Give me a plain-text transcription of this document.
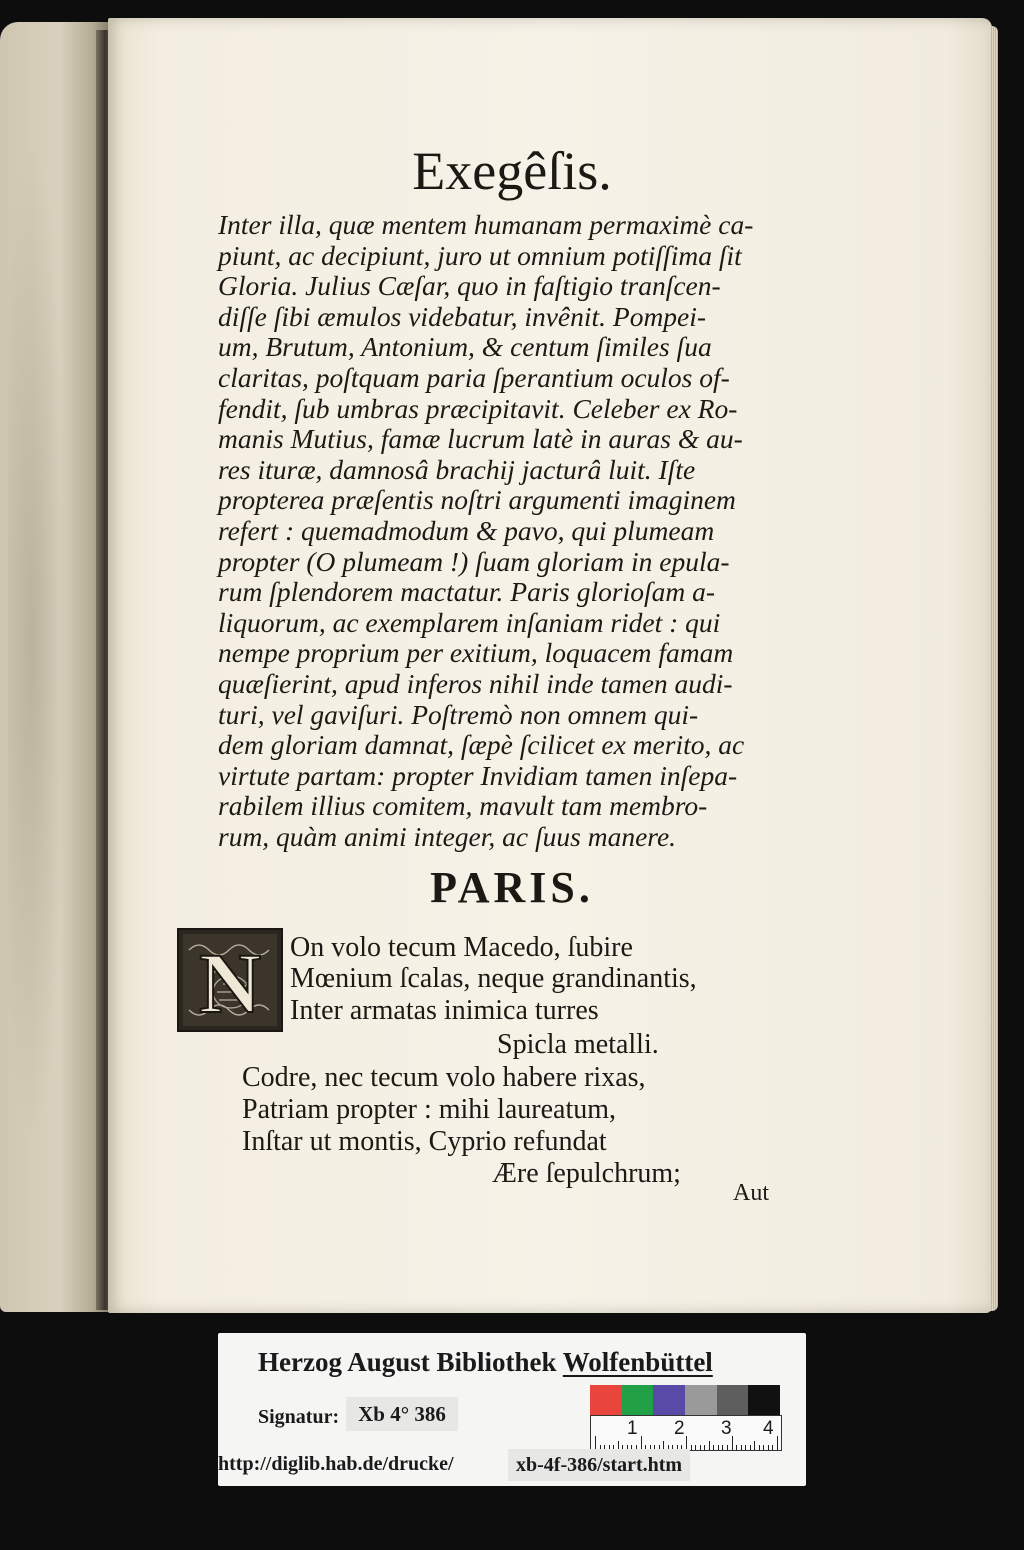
Exegêſis.
Inter illa, quæ mentem humanam permaximè ca-
piunt, ac decipiunt, juro ut omnium potiſſima ſit
Gloria. Julius Cæſar, quo in faſtigio tranſcen-
diſſe ſibi æmulos videbatur, invênit. Pompei-
um, Brutum, Antonium, & centum ſimiles ſua
claritas, poſtquam paria ſperantium oculos of-
fendit, ſub umbras præcipitavit. Celeber ex Ro-
manis Mutius, famæ lucrum latè in auras & au-
res ituræ, damnosâ brachij jacturâ luit. Iſte
propterea præſentis noſtri argumenti imaginem
refert : quemadmodum & pavo, qui plumeam
propter (O plumeam !) ſuam gloriam in epula-
rum ſplendorem mactatur. Paris glorioſam a-
liquorum, ac exemplarem inſaniam ridet : qui
nempe proprium per exitium, loquacem famam
quæſierint, apud inferos nihil inde tamen audi-
turi, vel gaviſuri. Poſtremò non omnem qui-
dem gloriam damnat, ſæpè ſcilicet ex merito, ac
virtute partam: propter Invidiam tamen inſepa-
rabilem illius comitem, mavult tam membro-
rum, quàm animi integer, ac ſuus manere.
PARIS.
N On volo tecum Macedo, ſubire
Mœnium ſcalas, neque grandinantis,
Inter armatas inimica turres
Spicla metalli.
Codre, nec tecum volo habere rixas,
Patriam propter : mihi laureatum,
Inſtar ut montis, Cyprio refundat
Ære ſepulchrum;
Aut
Herzog August Bibliothek Wolfenbüttel
Signatur: Xb 4° 386
1 2 3 4
http://diglib.hab.de/drucke/	xb-4f-386/start.htm
